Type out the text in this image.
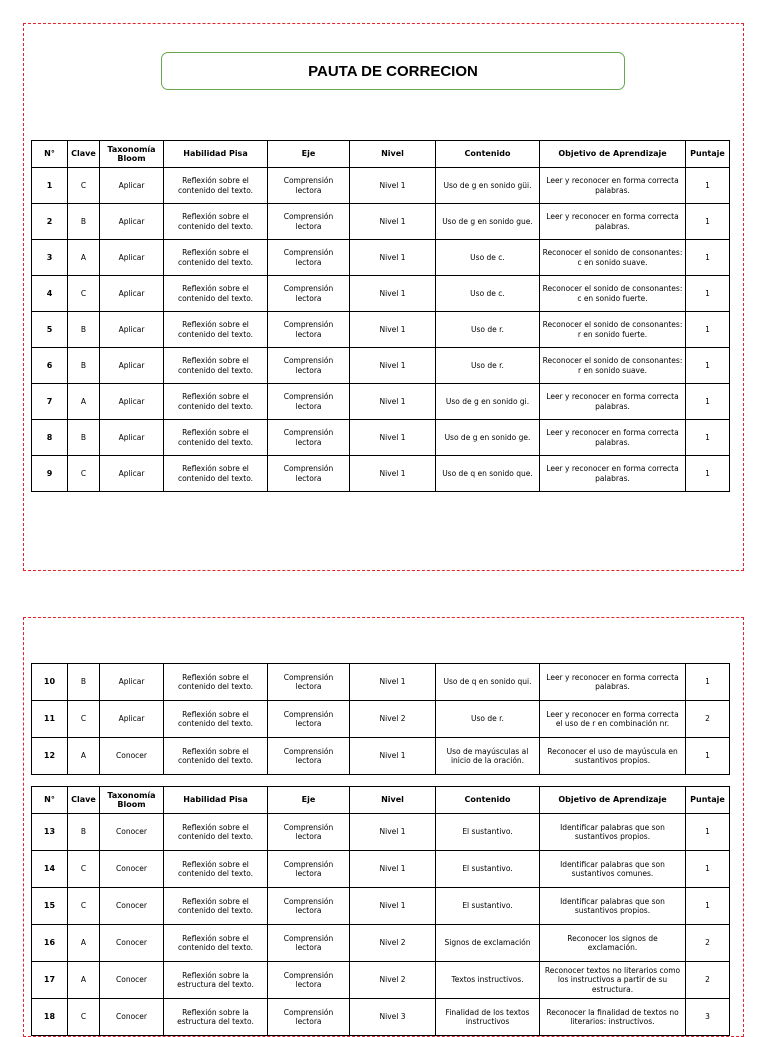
PAUTA DE CORRECION
N°	Clave	Taxonomía Bloom	Habilidad Pisa	Eje	Nivel	Contenido	Objetivo de Aprendizaje	Puntaje
1	C	Aplicar	Reflexión sobre el contenido del texto.	Comprensión lectora	Nivel 1	Uso de g en sonido güi.	Leer y reconocer en forma correcta palabras.	1
2	B	Aplicar	Reflexión sobre el contenido del texto.	Comprensión lectora	Nivel 1	Uso de g en sonido gue.	Leer y reconocer en forma correcta palabras.	1
3	A	Aplicar	Reflexión sobre el contenido del texto.	Comprensión lectora	Nivel 1	Uso de c.	Reconocer el sonido de consonantes: c en sonido suave.	1
4	C	Aplicar	Reflexión sobre el contenido del texto.	Comprensión lectora	Nivel 1	Uso de c.	Reconocer el sonido de consonantes: c en sonido fuerte.	1
5	B	Aplicar	Reflexión sobre el contenido del texto.	Comprensión lectora	Nivel 1	Uso de r.	Reconocer el sonido de consonantes: r en sonido fuerte.	1
6	B	Aplicar	Reflexión sobre el contenido del texto.	Comprensión lectora	Nivel 1	Uso de r.	Reconocer el sonido de consonantes: r en sonido suave.	1
7	A	Aplicar	Reflexión sobre el contenido del texto.	Comprensión lectora	Nivel 1	Uso de g en sonido gi.	Leer y reconocer en forma correcta palabras.	1
8	B	Aplicar	Reflexión sobre el contenido del texto.	Comprensión lectora	Nivel 1	Uso de g en sonido ge.	Leer y reconocer en forma correcta palabras.	1
9	C	Aplicar	Reflexión sobre el contenido del texto.	Comprensión lectora	Nivel 1	Uso de q en sonido que.	Leer y reconocer en forma correcta palabras.	1
10	B	Aplicar	Reflexión sobre el contenido del texto.	Comprensión lectora	Nivel 1	Uso de q en sonido qui.	Leer y reconocer en forma correcta palabras.	1
11	C	Aplicar	Reflexión sobre el contenido del texto.	Comprensión lectora	Nivel 2	Uso de r.	Leer y reconocer en forma correcta el uso de r en combinación nr.	2
12	A	Conocer	Reflexión sobre el contenido del texto.	Comprensión lectora	Nivel 1	Uso de mayúsculas al inicio de la oración.	Reconocer el uso de mayúscula en sustantivos propios.	1
N°	Clave	Taxonomía Bloom	Habilidad Pisa	Eje	Nivel	Contenido	Objetivo de Aprendizaje	Puntaje
13	B	Conocer	Reflexión sobre el contenido del texto.	Comprensión lectora	Nivel 1	El sustantivo.	Identificar palabras que son sustantivos propios.	1
14	C	Conocer	Reflexión sobre el contenido del texto.	Comprensión lectora	Nivel 1	El sustantivo.	Identificar palabras que son sustantivos comunes.	1
15	C	Conocer	Reflexión sobre el contenido del texto.	Comprensión lectora	Nivel 1	El sustantivo.	Identificar palabras que son sustantivos propios.	1
16	A	Conocer	Reflexión sobre el contenido del texto.	Comprensión lectora	Nivel 2	Signos de exclamación	Reconocer los signos de exclamación.	2
17	A	Conocer	Reflexión sobre la estructura del texto.	Comprensión lectora	Nivel 2	Textos instructivos.	Reconocer textos no literarios como los instructivos a partir de su estructura.	2
18	C	Conocer	Reflexión sobre la estructura del texto.	Comprensión lectora	Nivel 3	Finalidad de los textos instructivos	Reconocer la finalidad de textos no literarios: instructivos.	3
